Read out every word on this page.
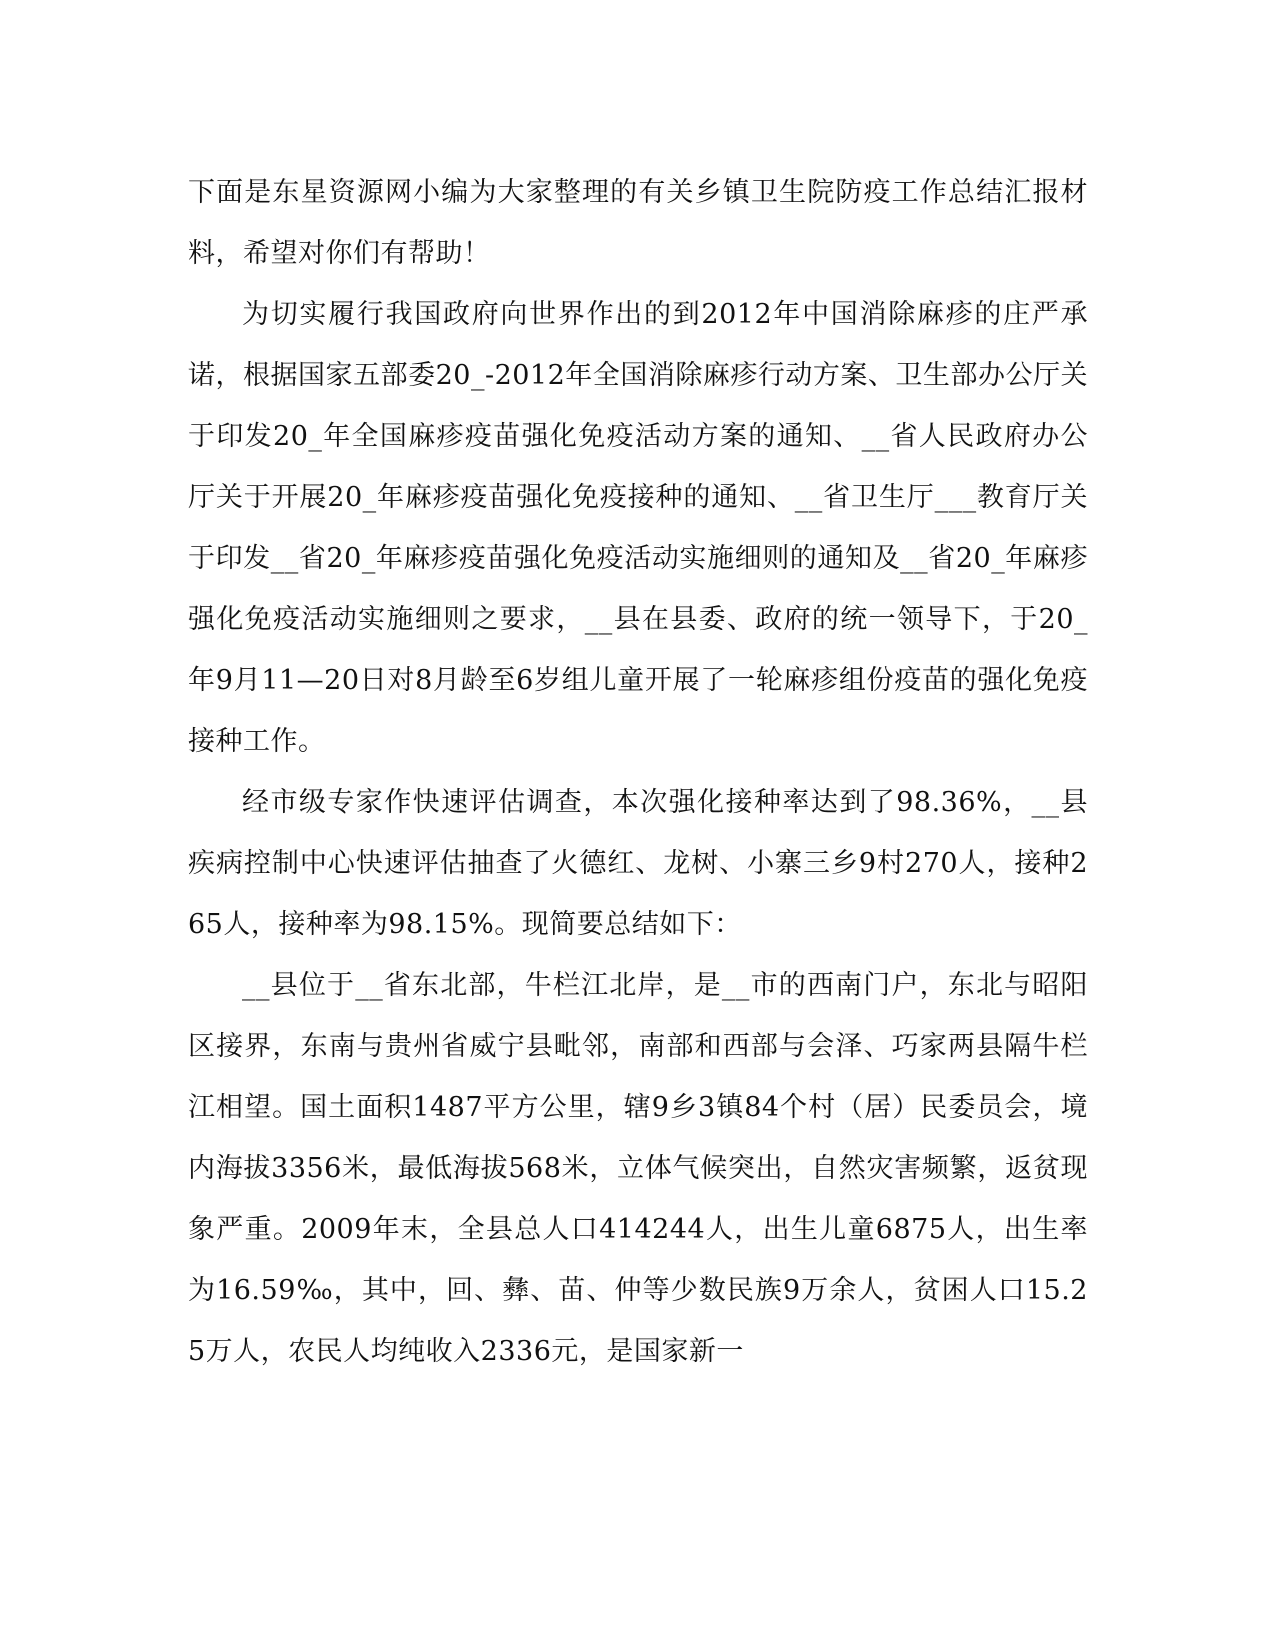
下面是东星资源网小编为大家整理的有关乡镇卫生院防疫工作总结汇报材料，希望对你们有帮助！

为切实履行我国政府向世界作出的到2012年中国消除麻疹的庄严承诺，根据国家五部委20_-2012年全国消除麻疹行动方案、卫生部办公厅关于印发20_年全国麻疹疫苗强化免疫活动方案的通知、__省人民政府办公厅关于开展20_年麻疹疫苗强化免疫接种的通知、__省卫生厅___教育厅关于印发__省20_年麻疹疫苗强化免疫活动实施细则的通知及__省20_年麻疹强化免疫活动实施细则之要求，__县在县委、政府的统一领导下，于20_年9月11—20日对8月龄至6岁组儿童开展了一轮麻疹组份疫苗的强化免疫接种工作。

经市级专家作快速评估调查，本次强化接种率达到了98.36%，__县疾病控制中心快速评估抽查了火德红、龙树、小寨三乡9村270人，接种265人，接种率为98.15%。现简要总结如下：

__县位于__省东北部，牛栏江北岸，是__市的西南门户，东北与昭阳区接界，东南与贵州省威宁县毗邻，南部和西部与会泽、巧家两县隔牛栏江相望。国土面积1487平方公里，辖9乡3镇84个村（居）民委员会，境内海拔3356米，最低海拔568米，立体气候突出，自然灾害频繁，返贫现象严重。2009年末，全县总人口414244人，出生儿童6875人，出生率为16.59‰，其中，回、彝、苗、仲等少数民族9万余人，贫困人口15.25万人，农民人均纯收入2336元，是国家新一
